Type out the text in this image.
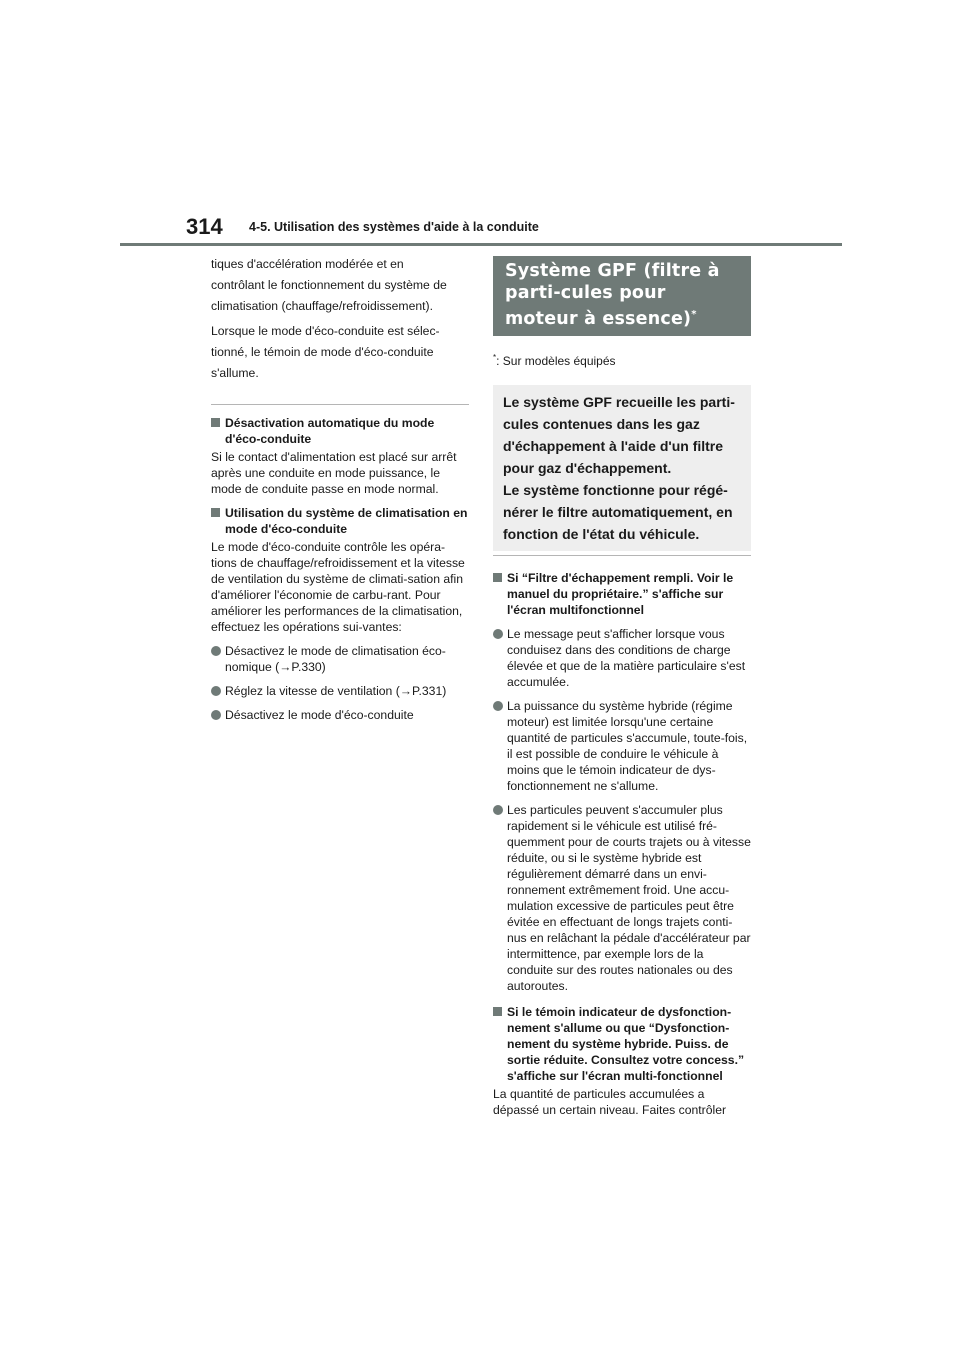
314 4-5. Utilisation des systèmes d'aide à la conduite
tiques d'accélération modérée et en
contrôlant le fonctionnement du système de
climatisation (chauffage/refroidissement).
Lorsque le mode d'éco-conduite est sélec-
tionné, le témoin de mode d'éco-conduite
s'allume.
Désactivation automatique du mode d'éco-conduite
Si le contact d'alimentation est placé sur arrêt après une conduite en mode puissance, le mode de conduite passe en mode normal.
Utilisation du système de climatisation en mode d'éco-conduite
Le mode d'éco-conduite contrôle les opéra-tions de chauffage/refroidissement et la vitesse de ventilation du système de climati-sation afin d'améliorer l'économie de carbu-rant. Pour améliorer les performances de la climatisation, effectuez les opérations sui-vantes:
Désactivez le mode de climatisation éco-nomique (→P.330)
Réglez la vitesse de ventilation (→P.331)
Désactivez le mode d'éco-conduite
Système GPF (filtre à parti-cules pour moteur à essence)*
*: Sur modèles équipés
Le système GPF recueille les parti-
cules contenues dans les gaz
d'échappement à l'aide d'un filtre
pour gaz d'échappement.
Le système fonctionne pour régé-
nérer le filtre automatiquement, en
fonction de l'état du véhicule.
Si “Filtre d'échappement rempli. Voir le manuel du propriétaire.” s'affiche sur l'écran multifonctionnel
Le message peut s'afficher lorsque vous conduisez dans des conditions de charge élevée et que de la matière particulaire s'est accumulée.
La puissance du système hybride (régime moteur) est limitée lorsqu'une certaine quantité de particules s'accumule, toute-fois, il est possible de conduire le véhicule à moins que le témoin indicateur de dys-fonctionnement ne s'allume.
Les particules peuvent s'accumuler plus rapidement si le véhicule est utilisé fré-quemment pour de courts trajets ou à vitesse réduite, ou si le système hybride est régulièrement démarré dans un envi-ronnement extrêmement froid. Une accu-mulation excessive de particules peut être évitée en effectuant de longs trajets conti-nus en relâchant la pédale d'accélérateur par intermittence, par exemple lors de la conduite sur des routes nationales ou des autoroutes.
Si le témoin indicateur de dysfonction-nement s'allume ou que “Dysfonction-nement du système hybride. Puiss. de sortie réduite. Consultez votre concess.” s'affiche sur l'écran multi-fonctionnel
La quantité de particules accumulées a dépassé un certain niveau. Faites contrôler
